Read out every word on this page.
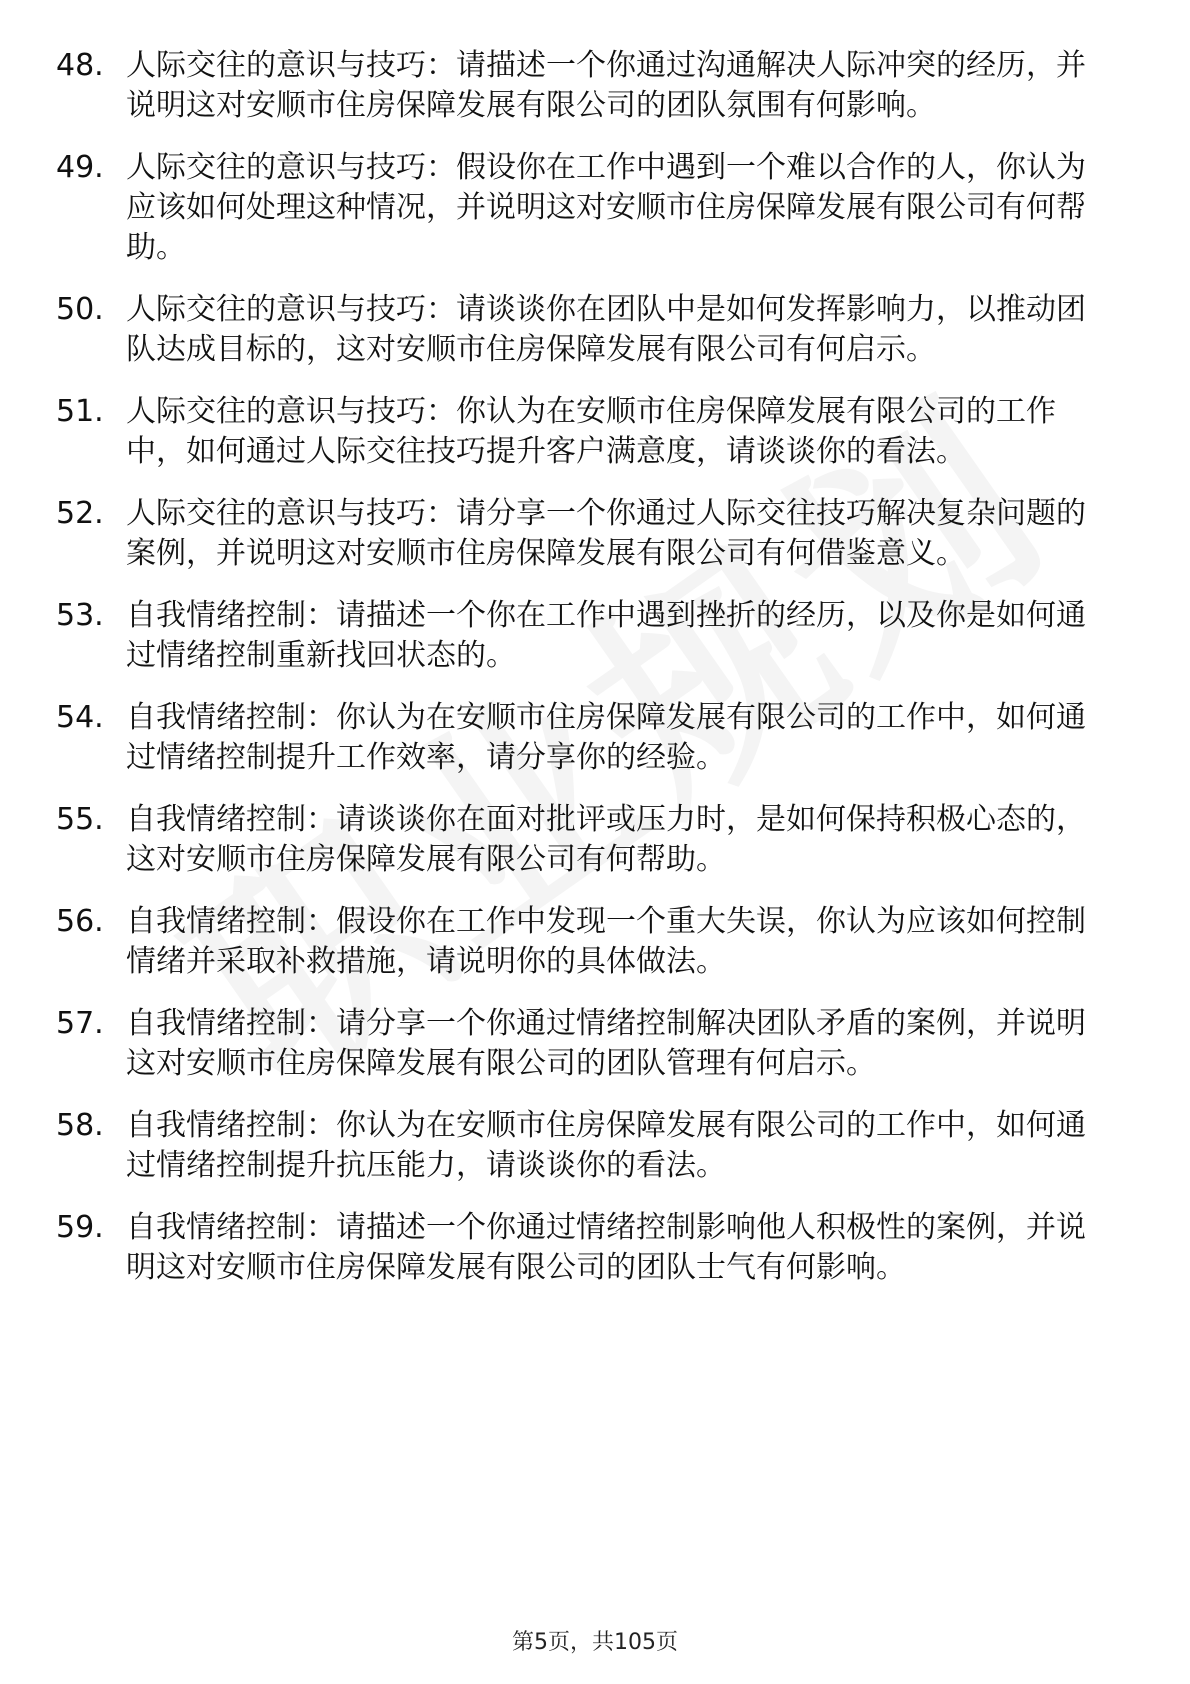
48. 人际交往的意识与技巧：请描述一个你通过沟通解决人际冲突的经历，并说明这对安顺市住房保障发展有限公司的团队氛围有何影响。
49. 人际交往的意识与技巧：假设你在工作中遇到一个难以合作的人，你认为应该如何处理这种情况，并说明这对安顺市住房保障发展有限公司有何帮助。
50. 人际交往的意识与技巧：请谈谈你在团队中是如何发挥影响力，以推动团队达成目标的，这对安顺市住房保障发展有限公司有何启示。
51. 人际交往的意识与技巧：你认为在安顺市住房保障发展有限公司的工作中，如何通过人际交往技巧提升客户满意度，请谈谈你的看法。
52. 人际交往的意识与技巧：请分享一个你通过人际交往技巧解决复杂问题的案例，并说明这对安顺市住房保障发展有限公司有何借鉴意义。
53. 自我情绪控制：请描述一个你在工作中遇到挫折的经历，以及你是如何通过情绪控制重新找回状态的。
54. 自我情绪控制：你认为在安顺市住房保障发展有限公司的工作中，如何通过情绪控制提升工作效率，请分享你的经验。
55. 自我情绪控制：请谈谈你在面对批评或压力时，是如何保持积极心态的，这对安顺市住房保障发展有限公司有何帮助。
56. 自我情绪控制：假设你在工作中发现一个重大失误，你认为应该如何控制情绪并采取补救措施，请说明你的具体做法。
57. 自我情绪控制：请分享一个你通过情绪控制解决团队矛盾的案例，并说明这对安顺市住房保障发展有限公司的团队管理有何启示。
58. 自我情绪控制：你认为在安顺市住房保障发展有限公司的工作中，如何通过情绪控制提升抗压能力，请谈谈你的看法。
59. 自我情绪控制：请描述一个你通过情绪控制影响他人积极性的案例，并说明这对安顺市住房保障发展有限公司的团队士气有何影响。
第5页，共105页
